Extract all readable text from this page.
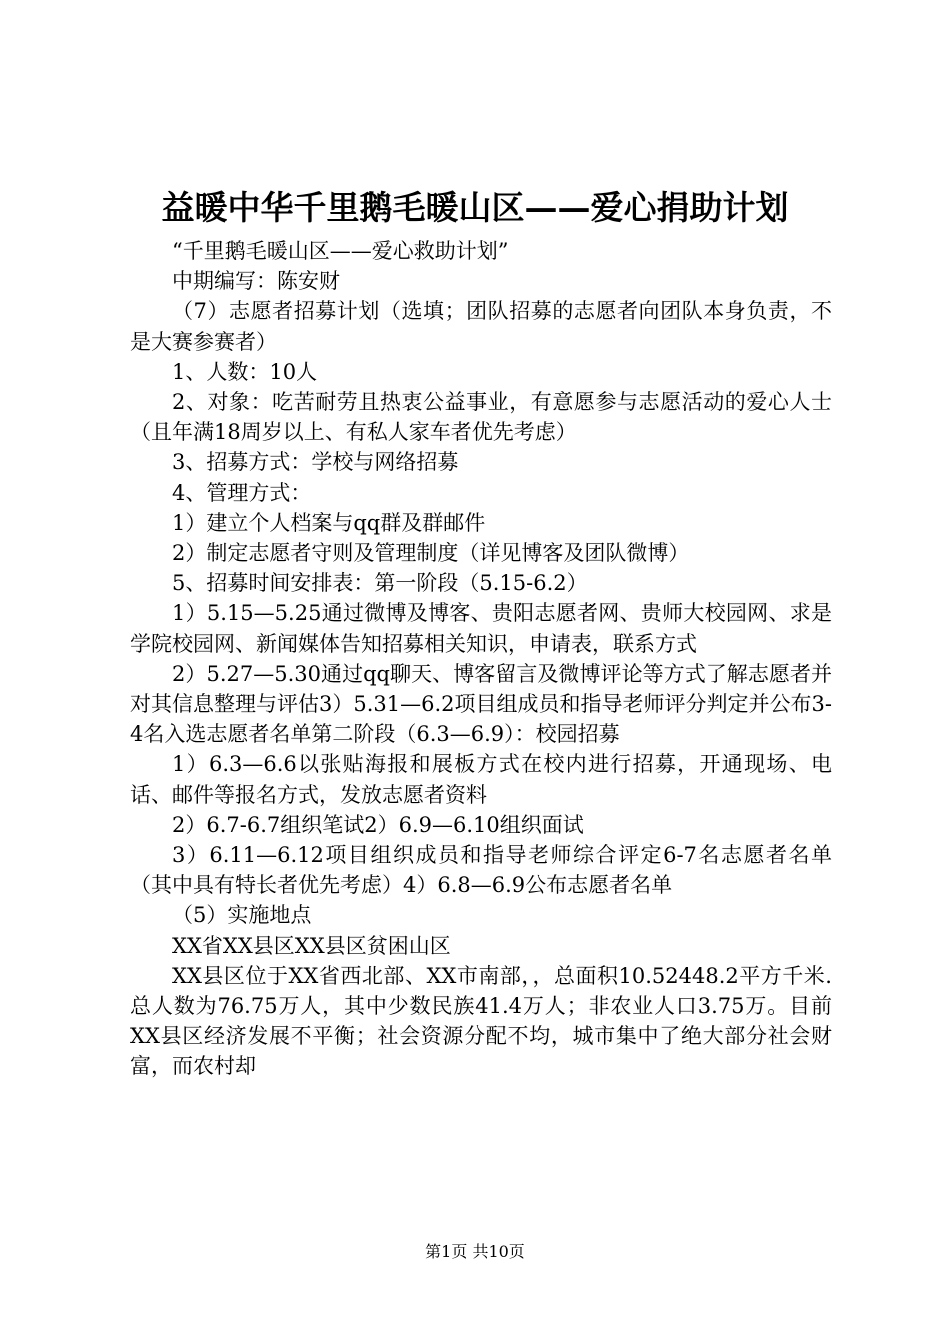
益暖中华千里鹅毛暖山区——爱心捐助计划

“千里鹅毛暖山区——爱心救助计划”

中期编写：陈安财

（7）志愿者招募计划（选填；团队招募的志愿者向团队本身负责，不是大赛参赛者）

1、人数：10人

2、对象：吃苦耐劳且热衷公益事业，有意愿参与志愿活动的爱心人士（且年满18周岁以上、有私人家车者优先考虑）

3、招募方式：学校与网络招募

4、管理方式：

1）建立个人档案与qq群及群邮件

2）制定志愿者守则及管理制度（详见博客及团队微博）

5、招募时间安排表：第一阶段（5.15-6.2）

1）5.15—5.25通过微博及博客、贵阳志愿者网、贵师大校园网、求是学院校园网、新闻媒体告知招募相关知识，申请表，联系方式

2）5.27—5.30通过qq聊天、博客留言及微博评论等方式了解志愿者并对其信息整理与评估3）5.31—6.2项目组成员和指导老师评分判定并公布3-4名入选志愿者名单第二阶段（6.3—6.9）：校园招募

1）6.3—6.6以张贴海报和展板方式在校内进行招募，开通现场、电话、邮件等报名方式，发放志愿者资料

2）6.7-6.7组织笔试2）6.9—6.10组织面试

3）6.11—6.12项目组织成员和指导老师综合评定6-7名志愿者名单（其中具有特长者优先考虑）4）6.8—6.9公布志愿者名单

（5）实施地点

XX省XX县区XX县区贫困山区

XX县区位于XX省西北部、XX市南部，，总面积10.52448.2平方千米.总人数为76.75万人，其中少数民族41.4万人；非农业人口3.75万。目前XX县区经济发展不平衡；社会资源分配不均，城市集中了绝大部分社会财富，而农村却

第1页 共10页
